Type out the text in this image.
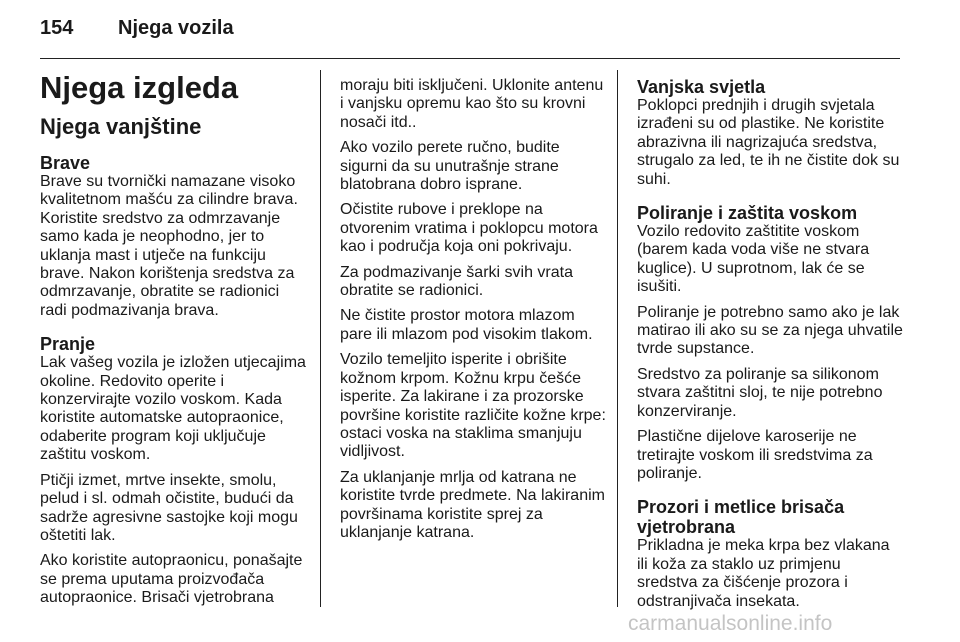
154 Njega vozila
Njega izgleda
Njega vanjštine
Brave

Brave su tvornički namazane visoko kvalitetnom mašću za cilindre brava. Koristite sredstvo za odmrzavanje samo kada je neophodno, jer to uklanja mast i utječe na funkciju brave. Nakon korištenja sredstva za odmrzavanje, obratite se radionici radi podmazivanja brava.

Pranje

Lak vašeg vozila je izložen utjecajima okoline. Redovito operite i konzervirajte vozilo voskom. Kada koristite automatske autopraonice, odaberite program koji uključuje zaštitu voskom.

Ptičji izmet, mrtve insekte, smolu, pelud i sl. odmah očistite, budući da sadrže agresivne sastojke koji mogu oštetiti lak.

Ako koristite autopraonicu, ponašajte se prema uputama proizvođača autopraonice. Brisači vjetrobrana

moraju biti isključeni. Uklonite antenu i vanjsku opremu kao što su krovni nosači itd..

Ako vozilo perete ručno, budite sigurni da su unutrašnje strane blatobrana dobro isprane.

Očistite rubove i preklope na otvorenim vratima i poklopcu motora kao i područja koja oni pokrivaju.

Za podmazivanje šarki svih vrata obratite se radionici.

Ne čistite prostor motora mlazom pare ili mlazom pod visokim tlakom.

Vozilo temeljito isperite i obrišite kožnom krpom. Kožnu krpu češće isperite. Za lakirane i za prozorske površine koristite različite kožne krpe: ostaci voska na staklima smanjuju vidljivost.

Za uklanjanje mrlja od katrana ne koristite tvrde predmete. Na lakiranim površinama koristite sprej za uklanjanje katrana.

Vanjska svjetla

Poklopci prednjih i drugih svjetala izrađeni su od plastike. Ne koristite abrazivna ili nagrizajuća sredstva, strugalo za led, te ih ne čistite dok su suhi.

Poliranje i zaštita voskom

Vozilo redovito zaštitite voskom (barem kada voda više ne stvara kuglice). U suprotnom, lak će se isušiti.

Poliranje je potrebno samo ako je lak matirao ili ako su se za njega uhvatile tvrde supstance.

Sredstvo za poliranje sa silikonom stvara zaštitni sloj, te nije potrebno konzerviranje.

Plastične dijelove karoserije ne tretirajte voskom ili sredstvima za poliranje.

Prozori i metlice brisača vjetrobrana

Prikladna je meka krpa bez vlakana ili koža za staklo uz primjenu sredstva za čišćenje prozora i odstranjivača insekata.

carmanualsonline.info
